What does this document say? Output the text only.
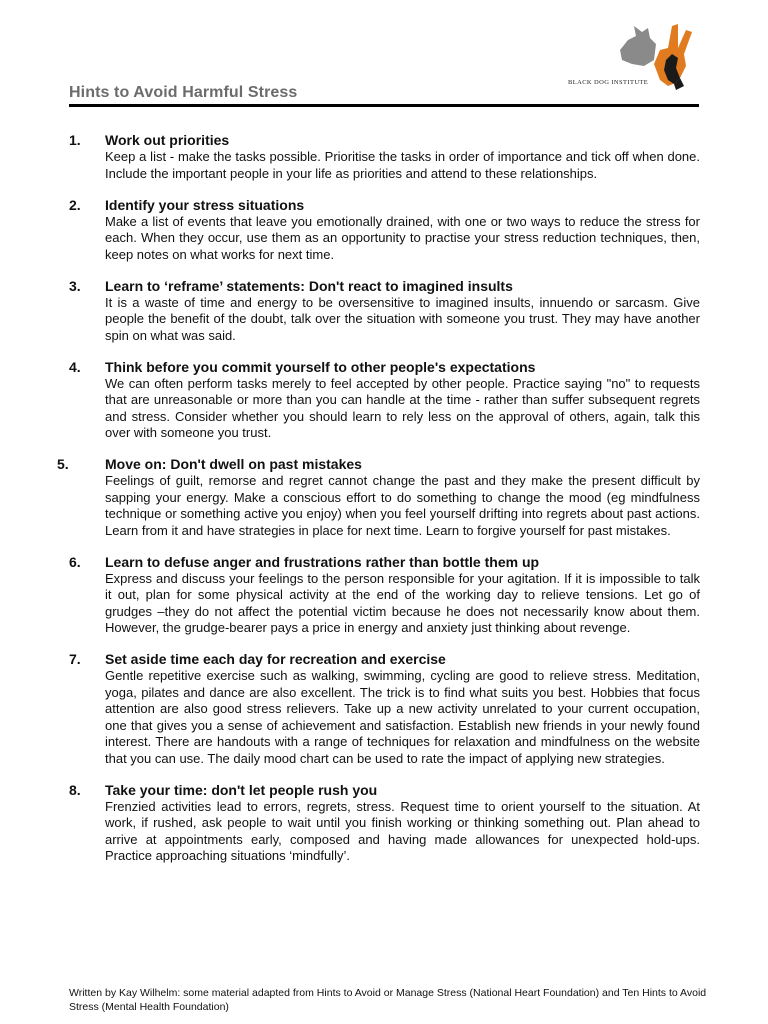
Hints to Avoid Harmful Stress
BLACK DOG INSTITUTE
1. Work out priorities
Keep a list - make the tasks possible. Prioritise the tasks in order of importance and tick off when done. Include the important people in your life as priorities and attend to these relationships.
2. Identify your stress situations
Make a list of events that leave you emotionally drained, with one or two ways to reduce the stress for each. When they occur, use them as an opportunity to practise your stress reduction techniques, then, keep notes on what works for next time.
3. Learn to ‘reframe’ statements: Don't react to imagined insults
It is a waste of time and energy to be oversensitive to imagined insults, innuendo or sarcasm. Give people the benefit of the doubt, talk over the situation with someone you trust. They may have another spin on what was said.
4. Think before you commit yourself to other people's expectations
We can often perform tasks merely to feel accepted by other people. Practice saying "no" to requests that are unreasonable or more than you can handle at the time - rather than suffer subsequent regrets and stress. Consider whether you should learn to rely less on the approval of others, again, talk this over with someone you trust.
5.	Move on: Don't dwell on past mistakes
Feelings of guilt, remorse and regret cannot change the past and they make the present difficult by sapping your energy. Make a conscious effort to do something to change the mood (eg mindfulness technique or something active you enjoy) when you feel yourself drifting into regrets about past actions. Learn from it and have strategies in place for next time. Learn to forgive yourself for past mistakes.
6. Learn to defuse anger and frustrations rather than bottle them up
Express and discuss your feelings to the person responsible for your agitation. If it is impossible to talk it out, plan for some physical activity at the end of the working day to relieve tensions. Let go of grudges –they do not affect the potential victim because he does not necessarily know about them. However, the grudge-bearer pays a price in energy and anxiety just thinking about revenge.
7. Set aside time each day for recreation and exercise
Gentle repetitive exercise such as walking, swimming, cycling are good to relieve stress. Meditation, yoga, pilates and dance are also excellent. The trick is to find what suits you best. Hobbies that focus attention are also good stress relievers. Take up a new activity unrelated to your current occupation, one that gives you a sense of achievement and satisfaction. Establish new friends in your newly found interest. There are handouts with a range of techniques for relaxation and mindfulness on the website that you can use. The daily mood chart can be used to rate the impact of applying new strategies.
8. Take your time: don't let people rush you
Frenzied activities lead to errors, regrets, stress. Request time to orient yourself to the situation. At work, if rushed, ask people to wait until you finish working or thinking something out. Plan ahead to arrive at appointments early, composed and having made allowances for unexpected hold-ups. Practice approaching situations ‘mindfully’.
Written by Kay Wilhelm: some material adapted from Hints to Avoid or Manage Stress (National Heart Foundation) and Ten Hints to Avoid Stress (Mental Health Foundation)
